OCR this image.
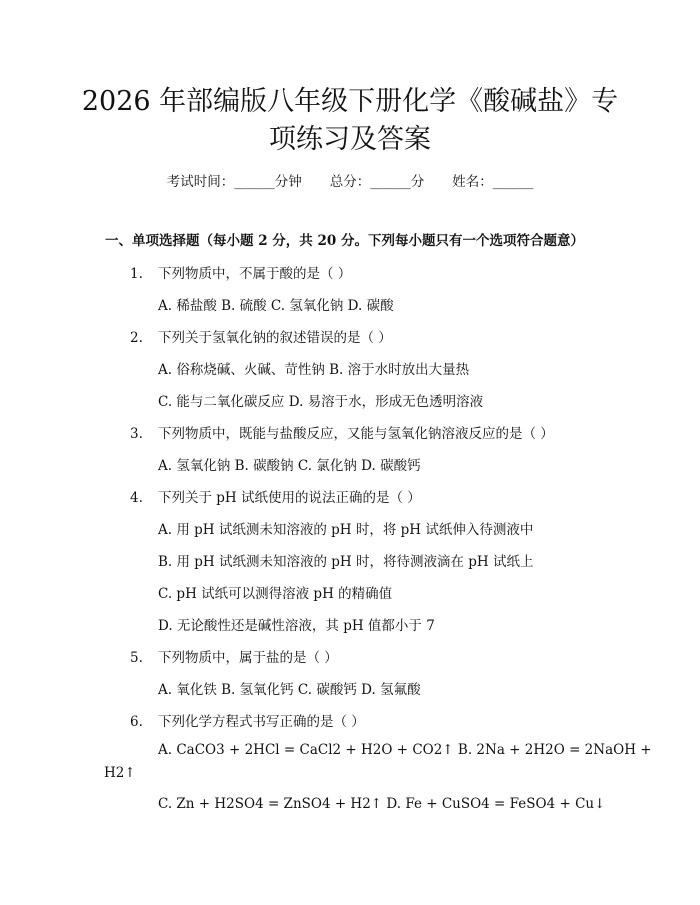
2026 年部编版八年级下册化学《酸碱盐》专
项练习及答案
考试时间：______分钟 总分：______分 姓名：______
一、单项选择题（每小题 2 分，共 20 分。下列每小题只有一个选项符合题意）
1. 下列物质中，不属于酸的是（ ）
A. 稀盐酸 B. 硫酸 C. 氢氧化钠 D. 碳酸
2. 下列关于氢氧化钠的叙述错误的是（ ）
A. 俗称烧碱、火碱、苛性钠 B. 溶于水时放出大量热
C. 能与二氧化碳反应 D. 易溶于水，形成无色透明溶液
3. 下列物质中，既能与盐酸反应，又能与氢氧化钠溶液反应的是（ ）
A. 氢氧化钠 B. 碳酸钠 C. 氯化钠 D. 碳酸钙
4. 下列关于 pH 试纸使用的说法正确的是（ ）
A. 用 pH 试纸测未知溶液的 pH 时，将 pH 试纸伸入待测液中
B. 用 pH 试纸测未知溶液的 pH 时，将待测液滴在 pH 试纸上
C. pH 试纸可以测得溶液 pH 的精确值
D. 无论酸性还是碱性溶液，其 pH 值都小于 7
5. 下列物质中，属于盐的是（ ）
A. 氧化铁 B. 氢氧化钙 C. 碳酸钙 D. 氢氟酸
6. 下列化学方程式书写正确的是（ ）
A. CaCO3 + 2HCl = CaCl2 + H2O + CO2↑ B. 2Na + 2H2O = 2NaOH +
H2↑
C. Zn + H2SO4 = ZnSO4 + H2↑ D. Fe + CuSO4 = FeSO4 + Cu↓
